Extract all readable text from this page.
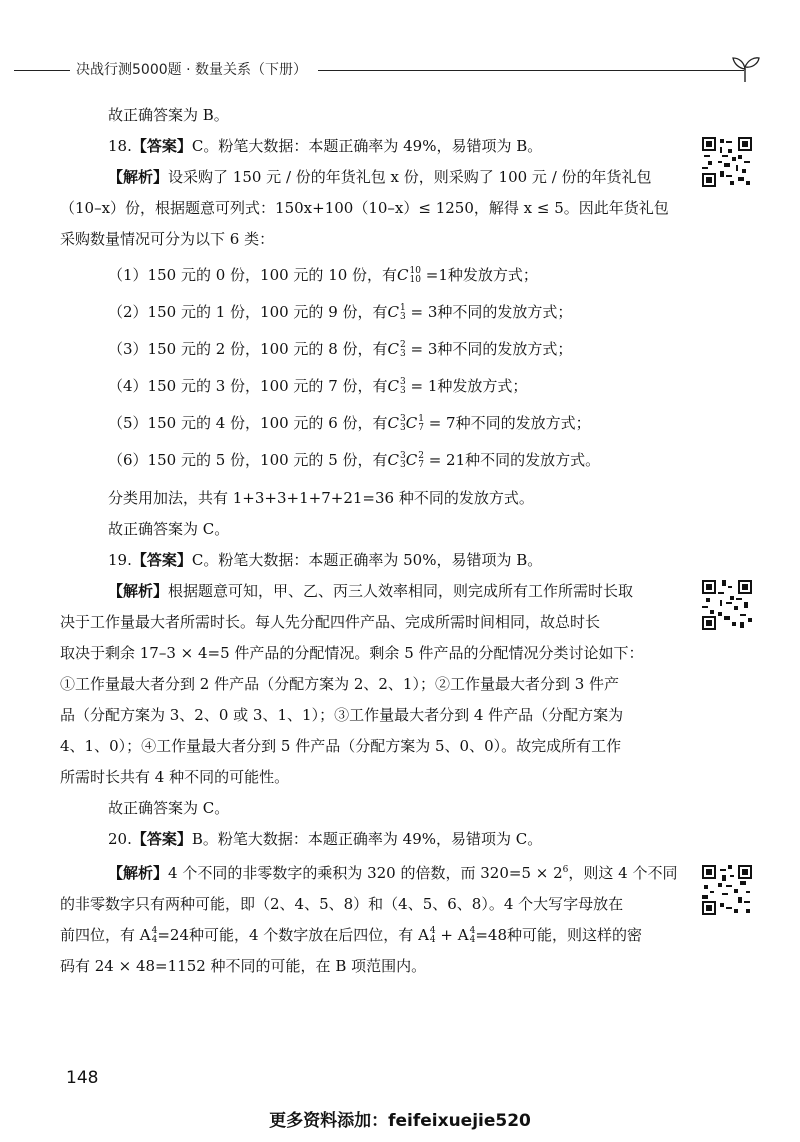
决战行测5000题 · 数量关系（下册）

故正确答案为 B。

18.【答案】C。粉笔大数据：本题正确率为 49%，易错项为 B。

【解析】设采购了 150 元 / 份的年货礼包 x 份，则采购了 100 元 / 份的年货礼包

（10–x）份，根据题意可列式：150x+100（10–x）≤ 1250，解得 x ≤ 5。因此年货礼包

采购数量情况可分为以下 6 类：

（1）150 元的 0 份，100 元的 10 份，有C10
10 =1种发放方式；

（2）150 元的 1 份，100 元的 9 份，有C1
3 = 3种不同的发放方式；

（3）150 元的 2 份，100 元的 8 份，有C2
3 = 3种不同的发放方式；

（4）150 元的 3 份，100 元的 7 份，有C3
3 = 1种发放方式；

（5）150 元的 4 份，100 元的 6 份，有C3
3C1
7 = 7种不同的发放方式；

（6）150 元的 5 份，100 元的 5 份，有C3
3C2
7 = 21种不同的发放方式。

分类用加法，共有 1+3+3+1+7+21=36 种不同的发放方式。

故正确答案为 C。

19.【答案】C。粉笔大数据：本题正确率为 50%，易错项为 B。

【解析】根据题意可知，甲、乙、丙三人效率相同，则完成所有工作所需时长取

决于工作量最大者所需时长。每人先分配四件产品、完成所需时间相同，故总时长

取决于剩余 17–3 × 4=5 件产品的分配情况。剩余 5 件产品的分配情况分类讨论如下：

①工作量最大者分到 2 件产品（分配方案为 2、2、1）；②工作量最大者分到 3 件产

品（分配方案为 3、2、0 或 3、1、1）；③工作量最大者分到 4 件产品（分配方案为

4、1、0）；④工作量最大者分到 5 件产品（分配方案为 5、0、0）。故完成所有工作

所需时长共有 4 种不同的可能性。

故正确答案为 C。

20.【答案】B。粉笔大数据：本题正确率为 49%，易错项为 C。

【解析】4 个不同的非零数字的乘积为 320 的倍数，而 $320=5 \times 2^6$，则这 4 个不同

的非零数字只有两种可能，即（2、4、5、8）和（4、5、6、8）。4 个大写字母放在

前四位，有 A4
4=24种可能，4 个数字放在后四位，有 A4
4 + A4
4=48种可能，则这样的密

码有 24 × 48=1152 种不同的可能，在 B 项范围内。

148
更多资料添加：feifeixuejie520
